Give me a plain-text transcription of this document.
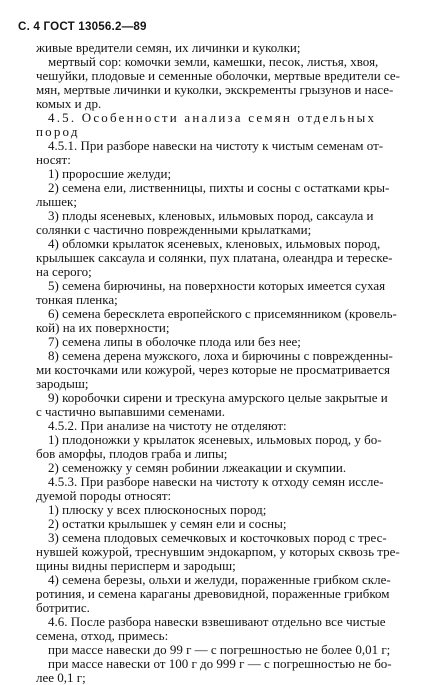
С. 4 ГОСТ 13056.2—89
живые вредители семян, их личинки и куколки;
мертвый сор: комочки земли, камешки, песок, листья, хвоя,
чешуйки, плодовые и семенные оболочки, мертвые вредители се-
мян, мертвые личинки и куколки, экскременты грызунов и насе-
комых и др.
4.5. Особенности анализа семян отдельных
пород
4.5.1. При разборе навески на чистоту к чистым семенам от-
носят:
1) проросшие желуди;
2) семена ели, лиственницы, пихты и сосны с остатками кры-
лышек;
3) плоды ясеневых, кленовых, ильмовых пород, саксаула и
солянки с частично поврежденными крылатками;
4) обломки крылаток ясеневых, кленовых, ильмовых пород,
крылышек саксаула и солянки, пух платана, олеандра и тереске-
на серого;
5) семена бирючины, на поверхности которых имеется сухая
тонкая пленка;
6) семена бересклета европейского с присемянником (кровель-
кой) на их поверхности;
7) семена липы в оболочке плода или без нее;
8) семена дерена мужского, лоха и бирючины с поврежденны-
ми косточками или кожурой, через которые не просматривается
зародыш;
9) коробочки сирени и трескуна амурского целые закрытые и
с частично выпавшими семенами.
4.5.2. При анализе на чистоту не отделяют:
1) плодоножки у крылаток ясеневых, ильмовых пород, у бо-
бов аморфы, плодов граба и липы;
2) семеножку у семян робинии лжеакации и скумпии.
4.5.3. При разборе навески на чистоту к отходу семян иссле-
дуемой породы относят:
1) плюску у всех плюсконосных пород;
2) остатки крылышек у семян ели и сосны;
3) семена плодовых семечковых и косточковых пород с трес-
нувшей кожурой, треснувшим эндокарпом, у которых сквозь тре-
щины видны перисперм и зародыш;
4) семена березы, ольхи и желуди, пораженные грибком скле-
ротиния, и семена караганы древовидной, пораженные грибком
ботритис.
4.6. После разбора навески взвешивают отдельно все чистые
семена, отход, примесь:
при массе навески до 99 г — с погрешностью не более 0,01 г;
при массе навески от 100 г до 999 г — с погрешностью не бо-
лее 0,1 г;
